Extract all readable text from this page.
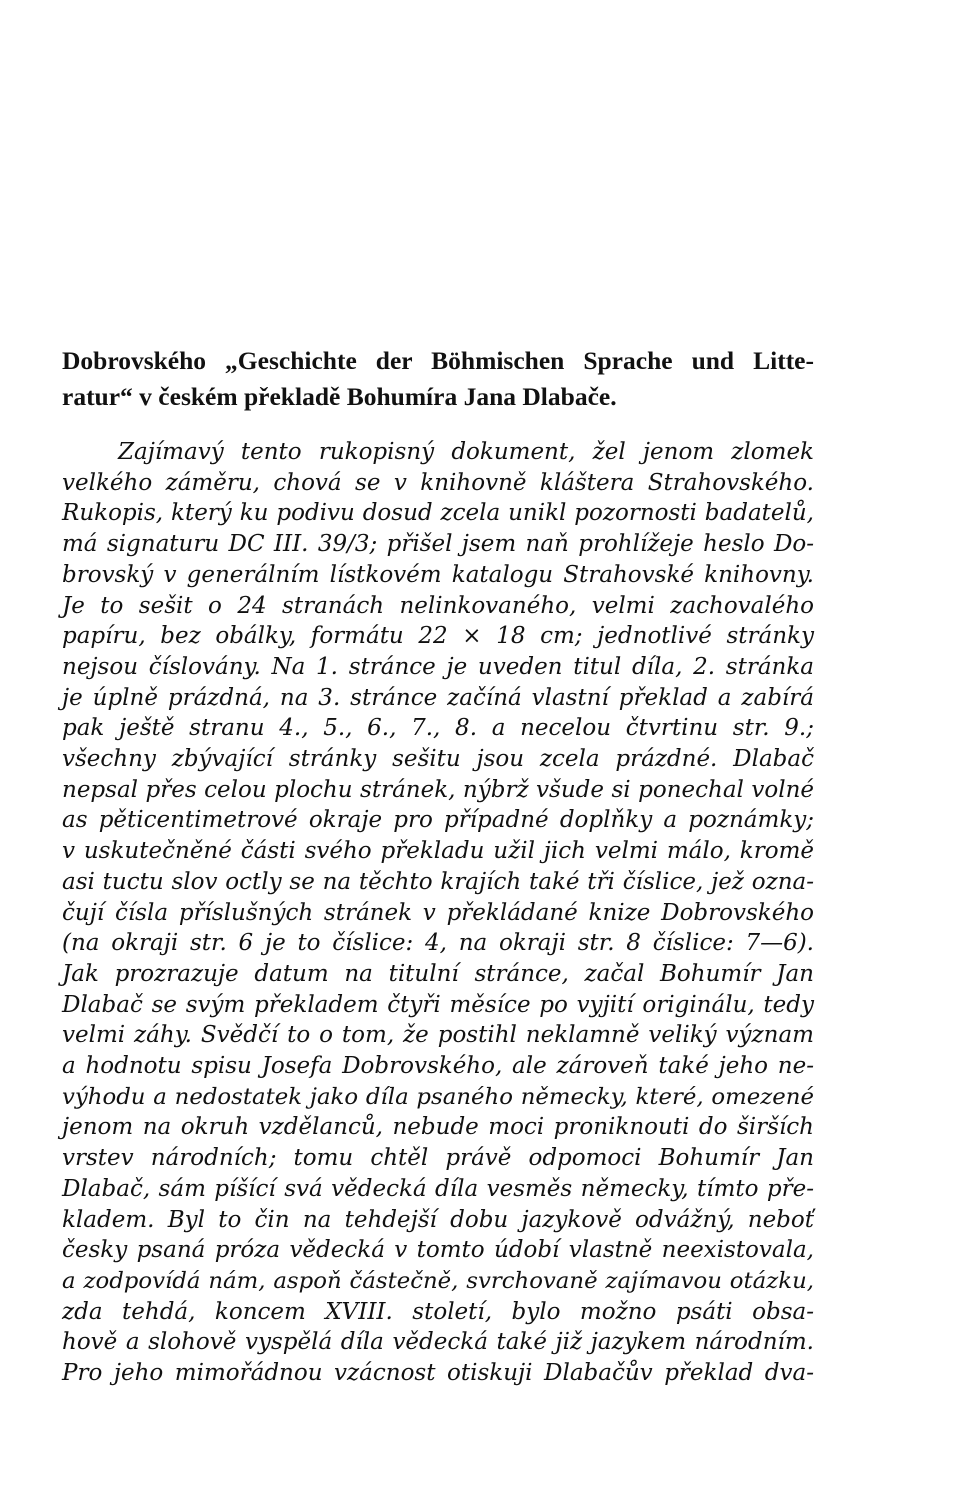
Dobrovského „Geschichte der Böhmischen Sprache und Litte-
ratur“ v českém překladě Bohumíra Jana Dlabače.
Zajímavý tento rukopisný dokument, žel jenom zlomek
velkého záměru, chová se v knihovně kláštera Strahovského.
Rukopis, který ku podivu dosud zcela unikl pozornosti badatelů,
má signaturu DC III. 39/3; přišel jsem naň prohlížeje heslo Do-
brovský v generálním lístkovém katalogu Strahovské knihovny.
Je to sešit o 24 stranách nelinkovaného, velmi zachovalého
papíru, bez obálky, formátu 22 × 18 cm; jednotlivé stránky
nejsou číslovány. Na 1. stránce je uveden titul díla, 2. stránka
je úplně prázdná, na 3. stránce začíná vlastní překlad a zabírá
pak ještě stranu 4., 5., 6., 7., 8. a necelou čtvrtinu str. 9.;
všechny zbývající stránky sešitu jsou zcela prázdné. Dlabač
nepsal přes celou plochu stránek, nýbrž všude si ponechal volné
as pěticentimetrové okraje pro případné doplňky a poznámky;
v uskutečněné části svého překladu užil jich velmi málo, kromě
asi tuctu slov octly se na těchto krajích také tři číslice, jež ozna-
čují čísla příslušných stránek v překládané knize Dobrovského
(na okraji str. 6 je to číslice: 4, na okraji str. 8 číslice: 7—6).
Jak prozrazuje datum na titulní stránce, začal Bohumír Jan
Dlabač se svým překladem čtyři měsíce po vyjití originálu, tedy
velmi záhy. Svědčí to o tom, že postihl neklamně veliký význam
a hodnotu spisu Josefa Dobrovského, ale zároveň také jeho ne-
výhodu a nedostatek jako díla psaného německy, které, omezené
jenom na okruh vzdělanců, nebude moci proniknouti do širších
vrstev národních; tomu chtěl právě odpomoci Bohumír Jan
Dlabač, sám píšící svá vědecká díla vesměs německy, tímto pře-
kladem. Byl to čin na tehdejší dobu jazykově odvážný, neboť
česky psaná próza vědecká v tomto údobí vlastně neexistovala,
a zodpovídá nám, aspoň částečně, svrchovaně zajímavou otázku,
zda tehdá, koncem XVIII. století, bylo možno psáti obsa-
hově a slohově vyspělá díla vědecká také již jazykem národním.
Pro jeho mimořádnou vzácnost otiskuji Dlabačův překlad dva-
